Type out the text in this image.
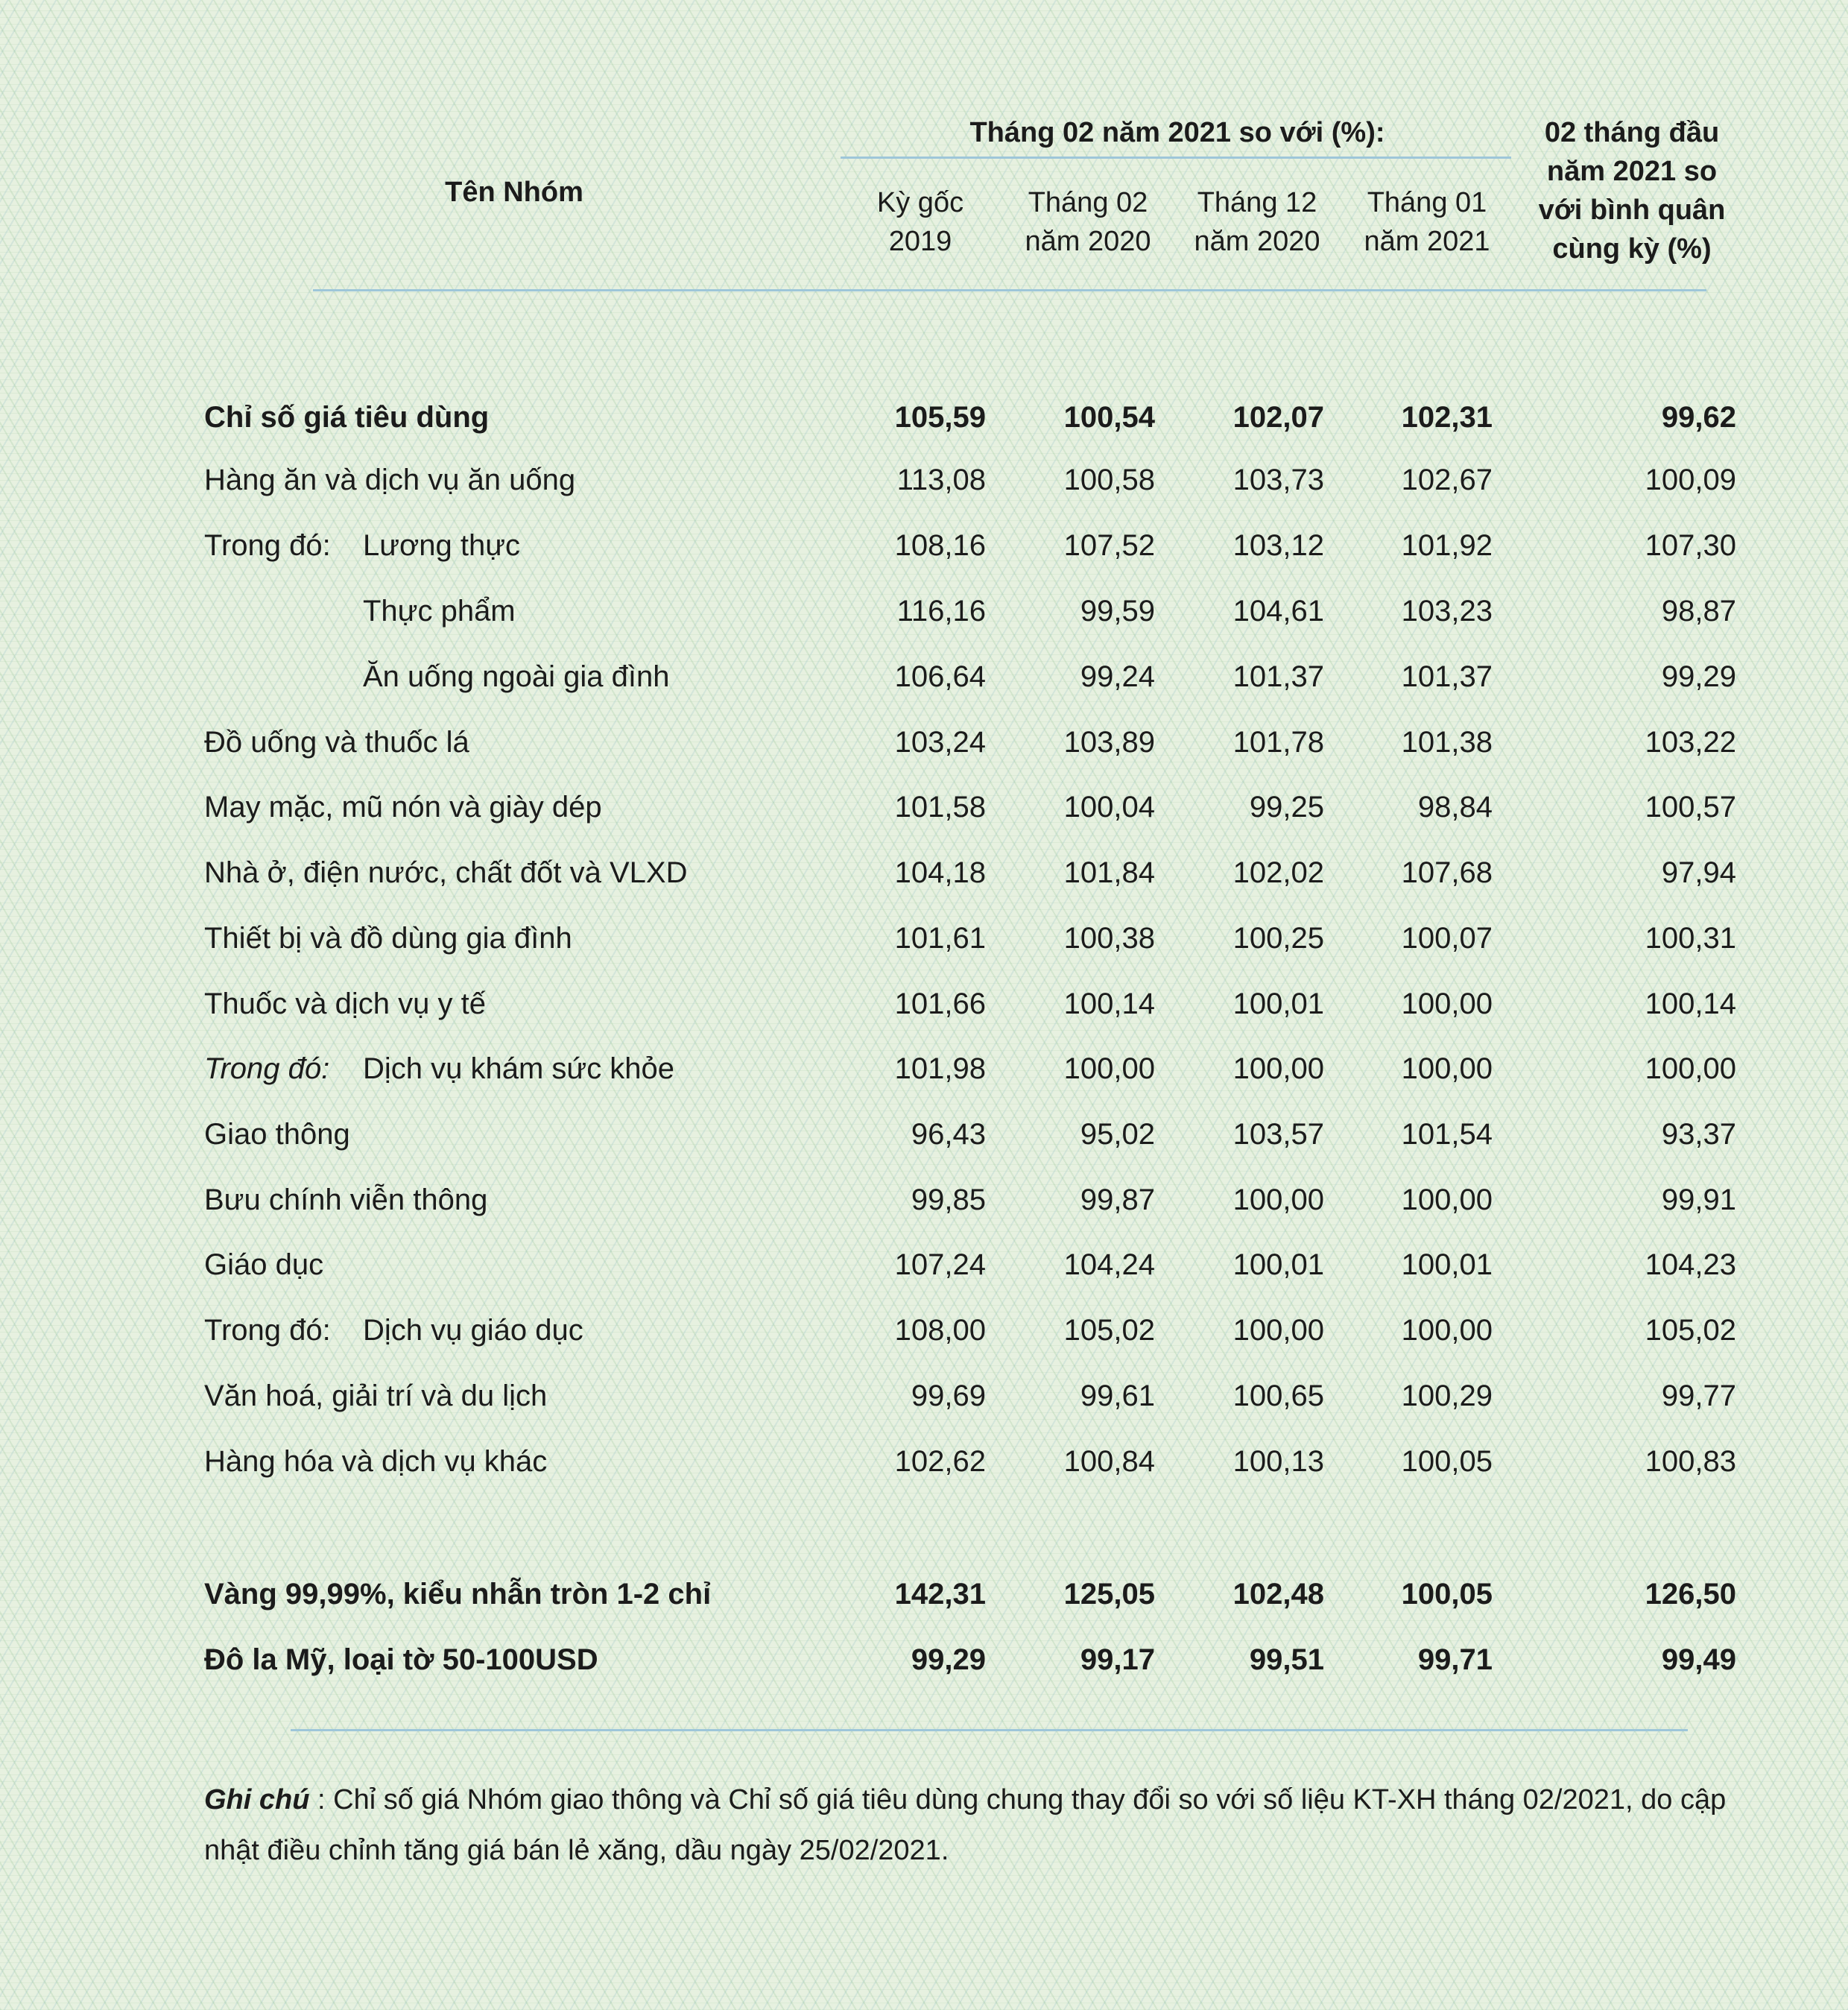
Tên Nhóm
Tháng 02 năm 2021 so với (%):
Kỳ gốc
2019
Tháng 02
năm 2020
Tháng 12
năm 2020
Tháng 01
năm 2021
02 tháng đầu
năm 2021 so
với bình quân
cùng kỳ (%)
Chỉ số giá tiêu dùng	105,59	100,54	102,07	102,31	99,62
Hàng ăn và dịch vụ ăn uống	113,08	100,58	103,73	102,67	100,09
Trong đó: Lương thực	108,16	107,52	103,12	101,92	107,30
Thực phẩm	116,16	99,59	104,61	103,23	98,87
Ăn uống ngoài gia đình	106,64	99,24	101,37	101,37	99,29
Đồ uống và thuốc lá	103,24	103,89	101,78	101,38	103,22
May mặc, mũ nón và giày dép	101,58	100,04	99,25	98,84	100,57
Nhà ở, điện nước, chất đốt và VLXD	104,18	101,84	102,02	107,68	97,94
Thiết bị và đồ dùng gia đình	101,61	100,38	100,25	100,07	100,31
Thuốc và dịch vụ y tế	101,66	100,14	100,01	100,00	100,14
Trong đó: Dịch vụ khám sức khỏe	101,98	100,00	100,00	100,00	100,00
Giao thông	96,43	95,02	103,57	101,54	93,37
Bưu chính viễn thông	99,85	99,87	100,00	100,00	99,91
Giáo dục	107,24	104,24	100,01	100,01	104,23
Trong đó: Dịch vụ giáo dục	108,00	105,02	100,00	100,00	105,02
Văn hoá, giải trí và du lịch	99,69	99,61	100,65	100,29	99,77
Hàng hóa và dịch vụ khác	102,62	100,84	100,13	100,05	100,83
Vàng 99,99%, kiểu nhẫn tròn 1-2 chỉ	142,31	125,05	102,48	100,05	126,50
Đô la Mỹ, loại tờ 50-100USD	99,29	99,17	99,51	99,71	99,49
Ghi chú : Chỉ số giá Nhóm giao thông và Chỉ số giá tiêu dùng chung thay đổi so với số liệu KT-XH tháng 02/2021, do cập nhật điều chỉnh tăng giá bán lẻ xăng, dầu ngày 25/02/2021.
